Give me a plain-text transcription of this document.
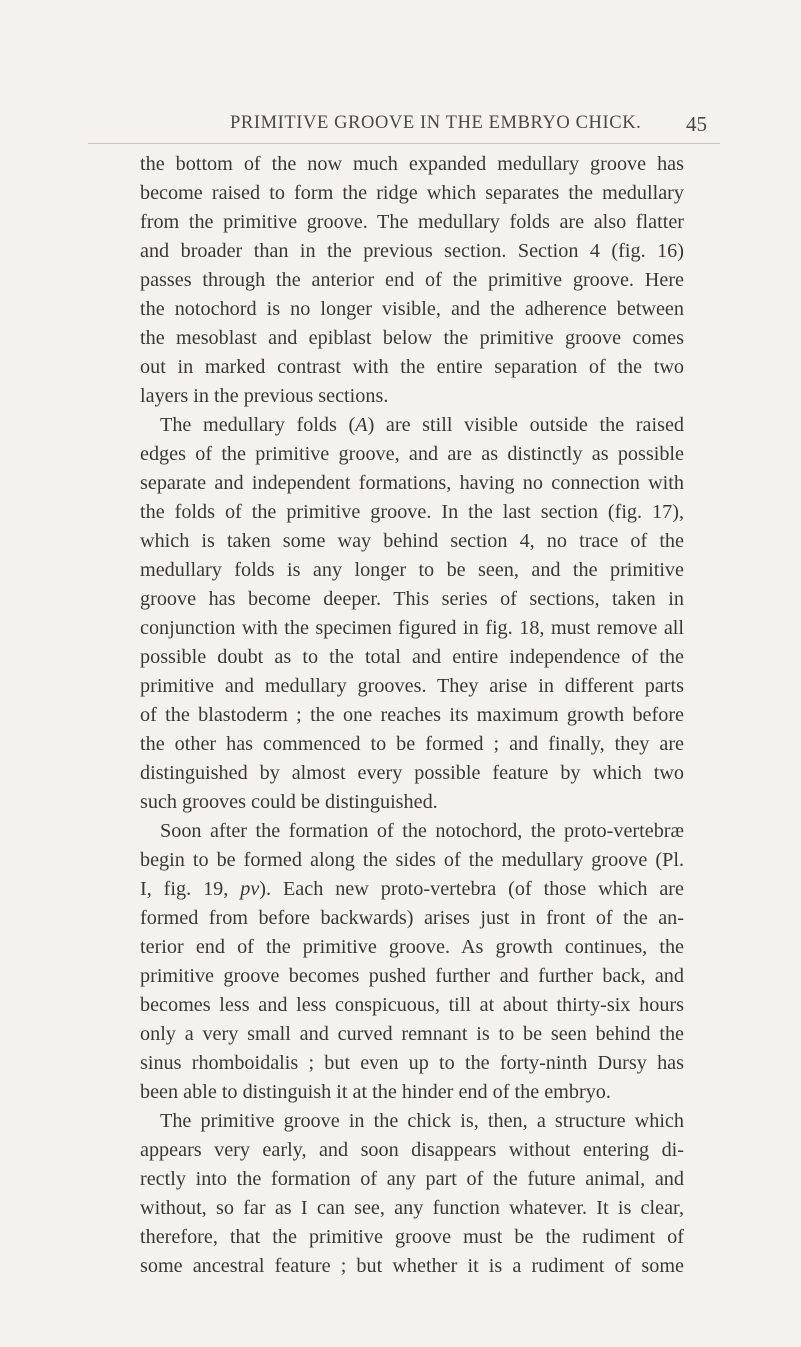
PRIMITIVE GROOVE IN THE EMBRYO CHICK.	45
the bottom of the now much expanded medullary groove has
become raised to form the ridge which separates the medullary
from the primitive groove. The medullary folds are also flatter
and broader than in the previous section. Section 4 (fig. 16)
passes through the anterior end of the primitive groove. Here
the notochord is no longer visible, and the adherence between
the mesoblast and epiblast below the primitive groove comes
out in marked contrast with the entire separation of the two
layers in the previous sections.
The medullary folds (A) are still visible outside the raised
edges of the primitive groove, and are as distinctly as possible
separate and independent formations, having no connection with
the folds of the primitive groove. In the last section (fig. 17),
which is taken some way behind section 4, no trace of the
medullary folds is any longer to be seen, and the primitive
groove has become deeper. This series of sections, taken in
conjunction with the specimen figured in fig. 18, must remove all
possible doubt as to the total and entire independence of the
primitive and medullary grooves. They arise in different parts
of the blastoderm ; the one reaches its maximum growth before
the other has commenced to be formed ; and finally, they are
distinguished by almost every possible feature by which two
such grooves could be distinguished.
Soon after the formation of the notochord, the proto-vertebræ
begin to be formed along the sides of the medullary groove (Pl.
I, fig. 19, pv). Each new proto-vertebra (of those which are
formed from before backwards) arises just in front of the an-
terior end of the primitive groove. As growth continues, the
primitive groove becomes pushed further and further back, and
becomes less and less conspicuous, till at about thirty-six hours
only a very small and curved remnant is to be seen behind the
sinus rhomboidalis ; but even up to the forty-ninth Dursy has
been able to distinguish it at the hinder end of the embryo.
The primitive groove in the chick is, then, a structure which
appears very early, and soon disappears without entering di-
rectly into the formation of any part of the future animal, and
without, so far as I can see, any function whatever. It is clear,
therefore, that the primitive groove must be the rudiment of
some ancestral feature ; but whether it is a rudiment of some
